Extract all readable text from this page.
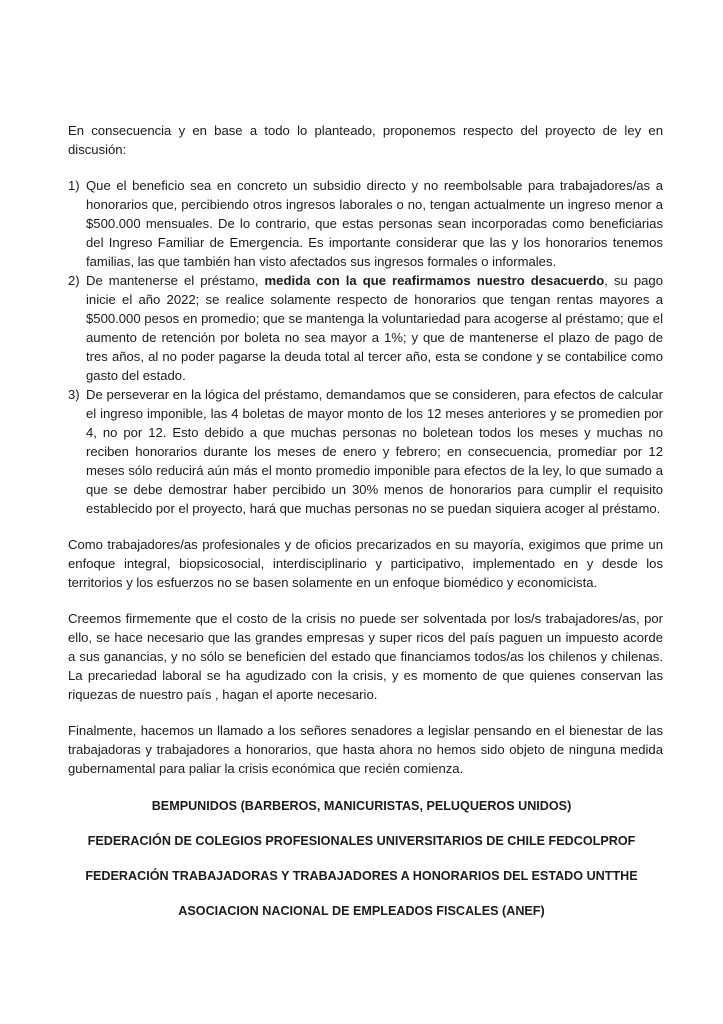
En consecuencia y en base a todo lo planteado, proponemos respecto del proyecto de ley en discusión:

1) Que el beneficio sea en concreto un subsidio directo y no reembolsable para trabajadores/as a honorarios que, percibiendo otros ingresos laborales o no, tengan actualmente un ingreso menor a $500.000 mensuales. De lo contrario, que estas personas sean incorporadas como beneficiarias del Ingreso Familiar de Emergencia. Es importante considerar que las y los honorarios tenemos familias, las que también han visto afectados sus ingresos formales o informales.
2) De mantenerse el préstamo, medida con la que reafirmamos nuestro desacuerdo, su pago inicie el año 2022; se realice solamente respecto de honorarios que tengan rentas mayores a $500.000 pesos en promedio; que se mantenga la voluntariedad para acogerse al préstamo; que el aumento de retención por boleta no sea mayor a 1%; y que de mantenerse el plazo de pago de tres años, al no poder pagarse la deuda total al tercer año, esta se condone y se contabilice como gasto del estado.
3) De perseverar en la lógica del préstamo, demandamos que se consideren, para efectos de calcular el ingreso imponible, las 4 boletas de mayor monto de los 12 meses anteriores y se promedien por 4, no por 12. Esto debido a que muchas personas no boletean todos los meses y muchas no reciben honorarios durante los meses de enero y febrero; en consecuencia, promediar por 12 meses sólo reducirá aún más el monto promedio imponible para efectos de la ley, lo que sumado a que se debe demostrar haber percibido un 30% menos de honorarios para cumplir el requisito establecido por el proyecto, hará que muchas personas no se puedan siquiera acoger al préstamo.

Como trabajadores/as profesionales y de oficios precarizados en su mayoría, exigimos que prime un enfoque integral, biopsicosocial, interdisciplinario y participativo, implementado en y desde los territorios y los esfuerzos no se basen solamente en un enfoque biomédico y economicista.

Creemos firmemente que el costo de la crisis no puede ser solventada por los/s trabajadores/as, por ello, se hace necesario que las grandes empresas y super ricos del país paguen un impuesto acorde a sus ganancias, y no sólo se beneficien del estado que financiamos todos/as los chilenos y chilenas. La precariedad laboral se ha agudizado con la crisis, y es momento de que quienes conservan las riquezas de nuestro país , hagan el aporte necesario.

Finalmente, hacemos un llamado a los señores senadores a legislar pensando en el bienestar de las trabajadoras y trabajadores a honorarios, que hasta ahora no hemos sido objeto de ninguna medida gubernamental para paliar la crisis económica que recién comienza.

BEMPUNIDOS (BARBEROS, MANICURISTAS, PELUQUEROS UNIDOS)
FEDERACIÓN DE COLEGIOS PROFESIONALES UNIVERSITARIOS DE CHILE FEDCOLPROF
FEDERACIÓN TRABAJADORAS Y TRABAJADORES A HONORARIOS DEL ESTADO UNTTHE
ASOCIACION NACIONAL DE EMPLEADOS FISCALES (ANEF)
